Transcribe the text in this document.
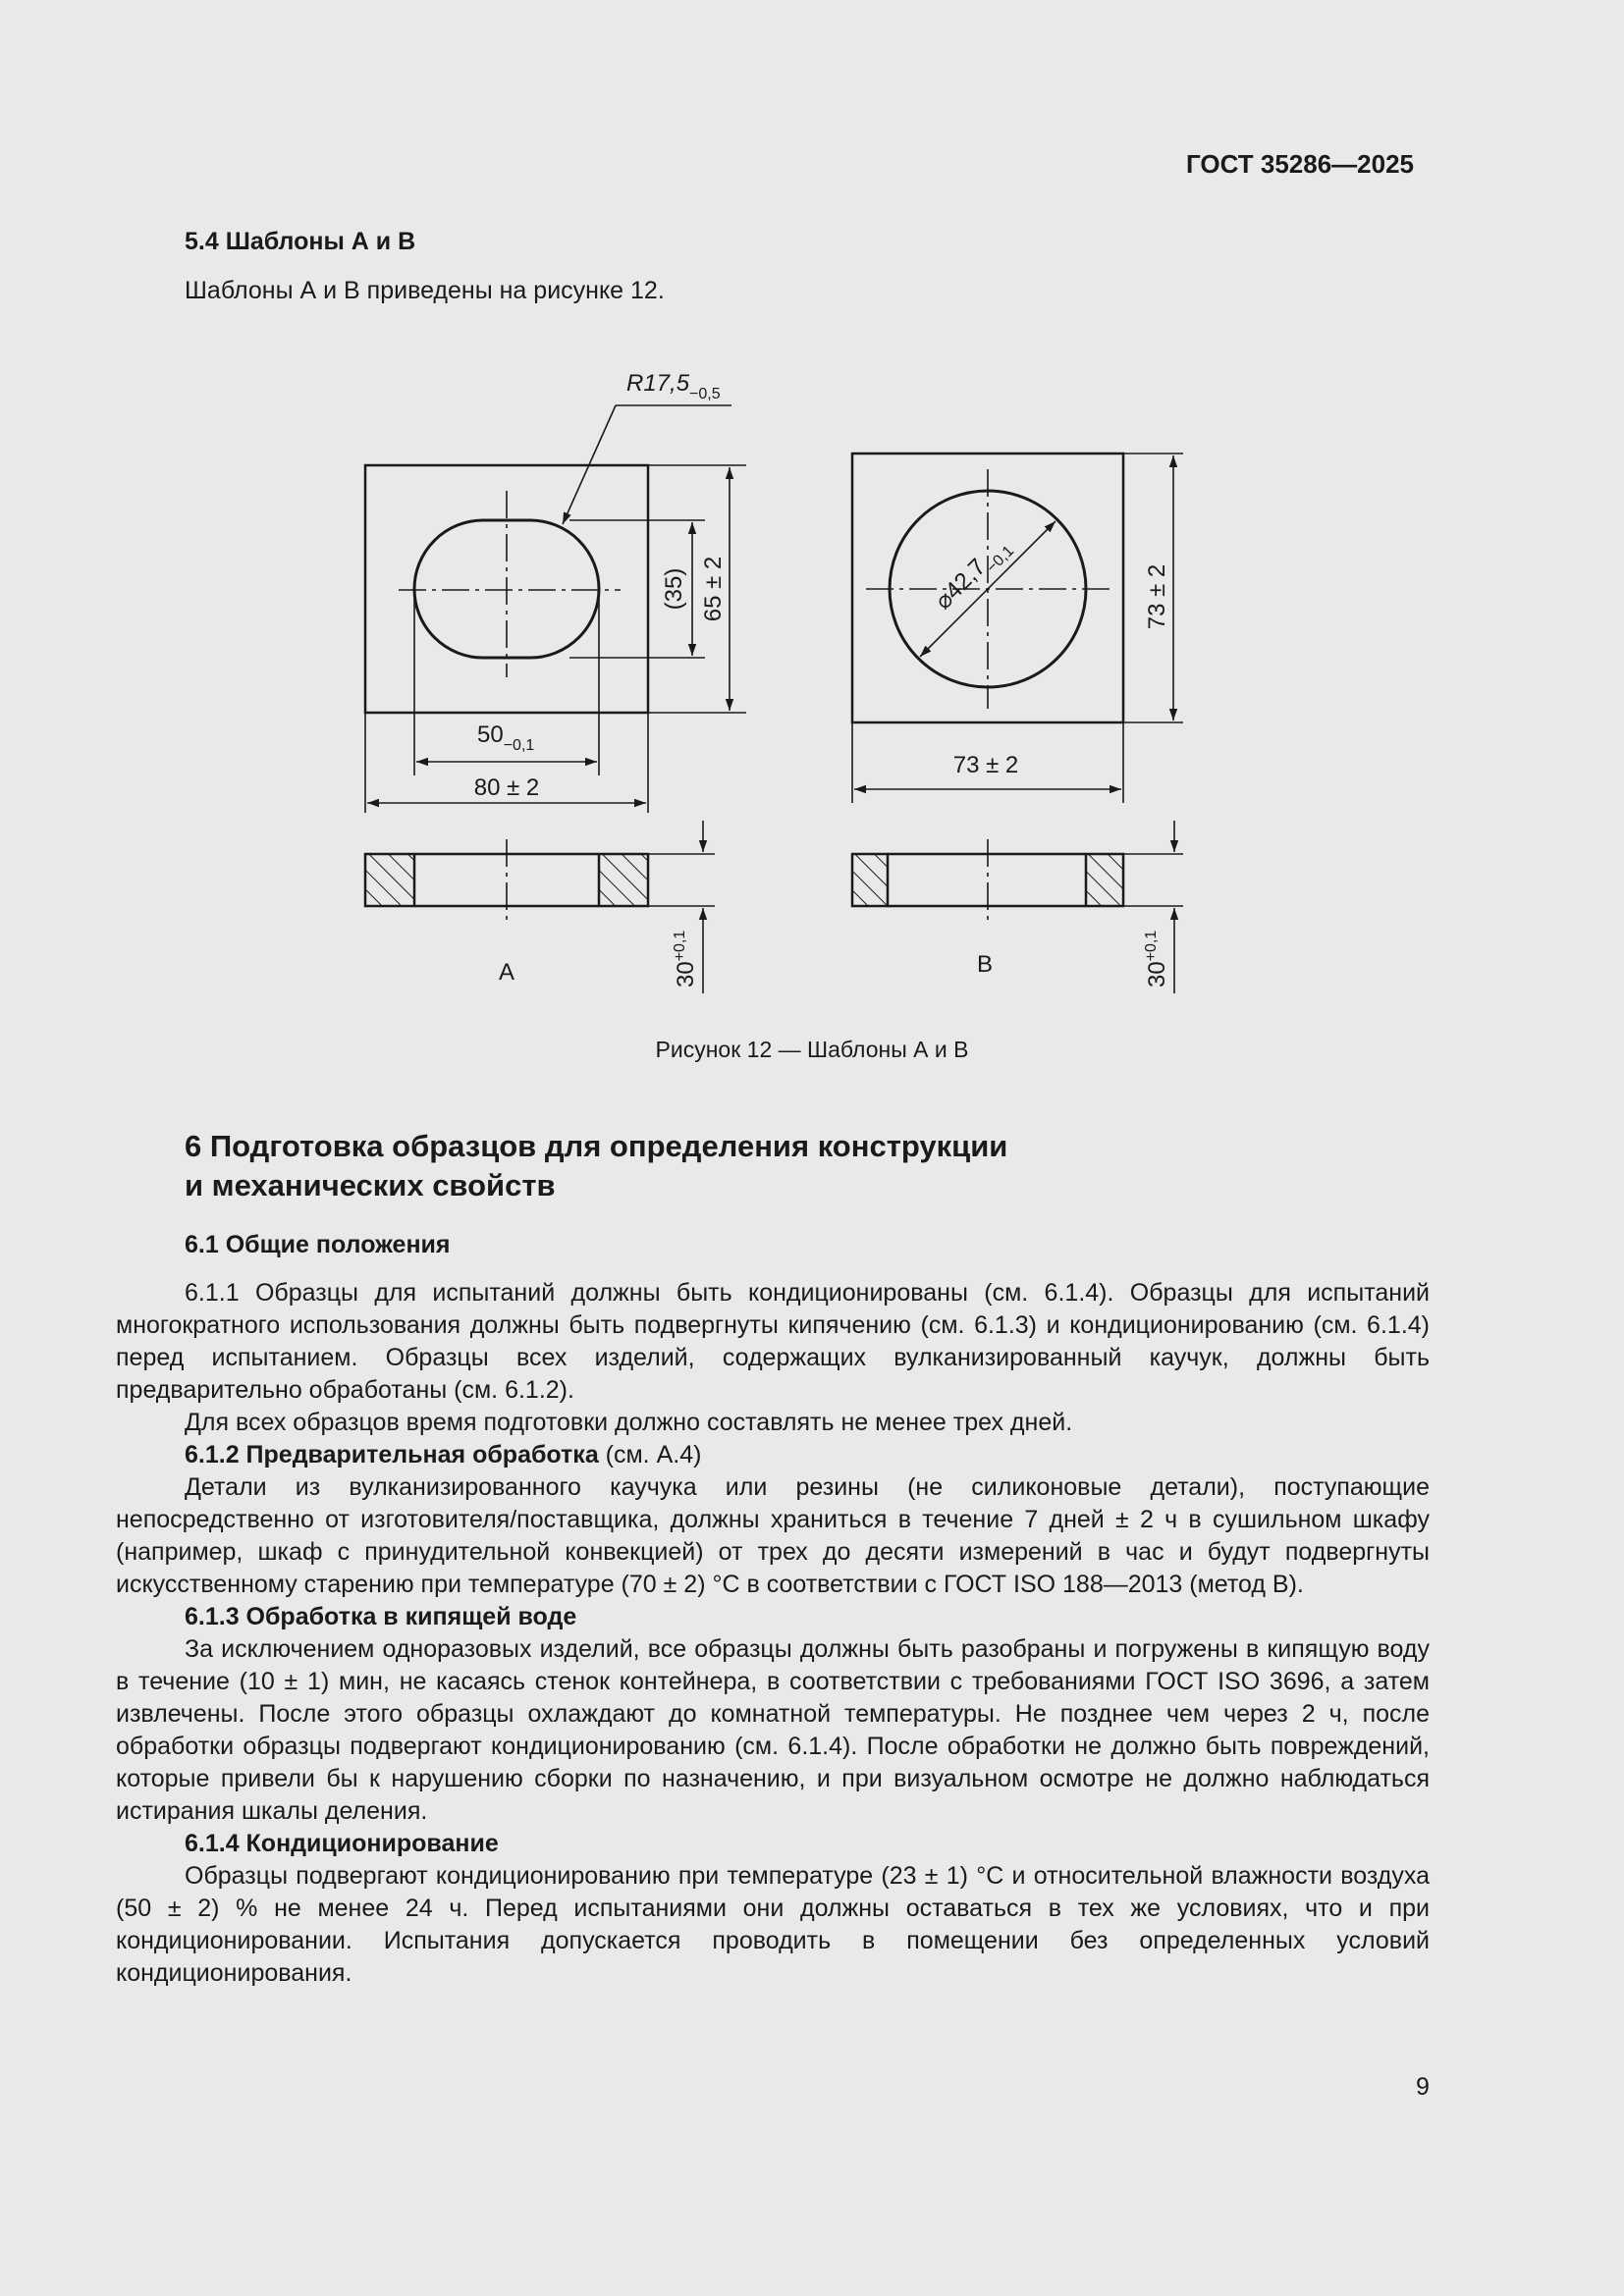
ГОСТ 35286—2025
5.4 Шаблоны А и В
Шаблоны А и В приведены на рисунке 12.
$R17,5_{-0,5}$
(35) 65 ± 2
$50_{-0,1}$
80 ± 2
73 ± 2
73 ± 2
$⌀42,7_{-0,1}$
$30^{+0,1}$
$30^{+0,1}$
А	В
Рисунок 12 — Шаблоны А и В
6 Подготовка образцов для определения конструкции
и механических свойств

6.1 Общие положения

6.1.1 Образцы для испытаний должны быть кондиционированы (см. 6.1.4). Образцы для испытаний многократного использования должны быть подвергнуты кипячению (см. 6.1.3) и кондиционированию (см. 6.1.4) перед испытанием. Образцы всех изделий, содержащих вулканизированный каучук, должны быть предварительно обработаны (см. 6.1.2).

Для всех образцов время подготовки должно составлять не менее трех дней.

6.1.2 Предварительная обработка (см. А.4)

Детали из вулканизированного каучука или резины (не силиконовые детали), поступающие непосредственно от изготовителя/поставщика, должны храниться в течение 7 дней ± 2 ч в сушильном шкафу (например, шкаф с принудительной конвекцией) от трех до десяти измерений в час и будут подвергнуты искусственному старению при температуре (70 ± 2) °С в соответствии с ГОСТ ISO 188—2013 (метод В).

6.1.3 Обработка в кипящей воде

За исключением одноразовых изделий, все образцы должны быть разобраны и погружены в кипящую воду в течение (10 ± 1) мин, не касаясь стенок контейнера, в соответствии с требованиями ГОСТ ISO 3696, а затем извлечены. После этого образцы охлаждают до комнатной температуры. Не позднее чем через 2 ч, после обработки образцы подвергают кондиционированию (см. 6.1.4). После обработки не должно быть повреждений, которые привели бы к нарушению сборки по назначению, и при визуальном осмотре не должно наблюдаться истирания шкалы деления.

6.1.4 Кондиционирование

Образцы подвергают кондиционированию при температуре (23 ± 1) °С и относительной влажности воздуха (50 ± 2) % не менее 24 ч. Перед испытаниями они должны оставаться в тех же условиях, что и при кондиционировании. Испытания допускается проводить в помещении без определенных условий кондиционирования.

9
